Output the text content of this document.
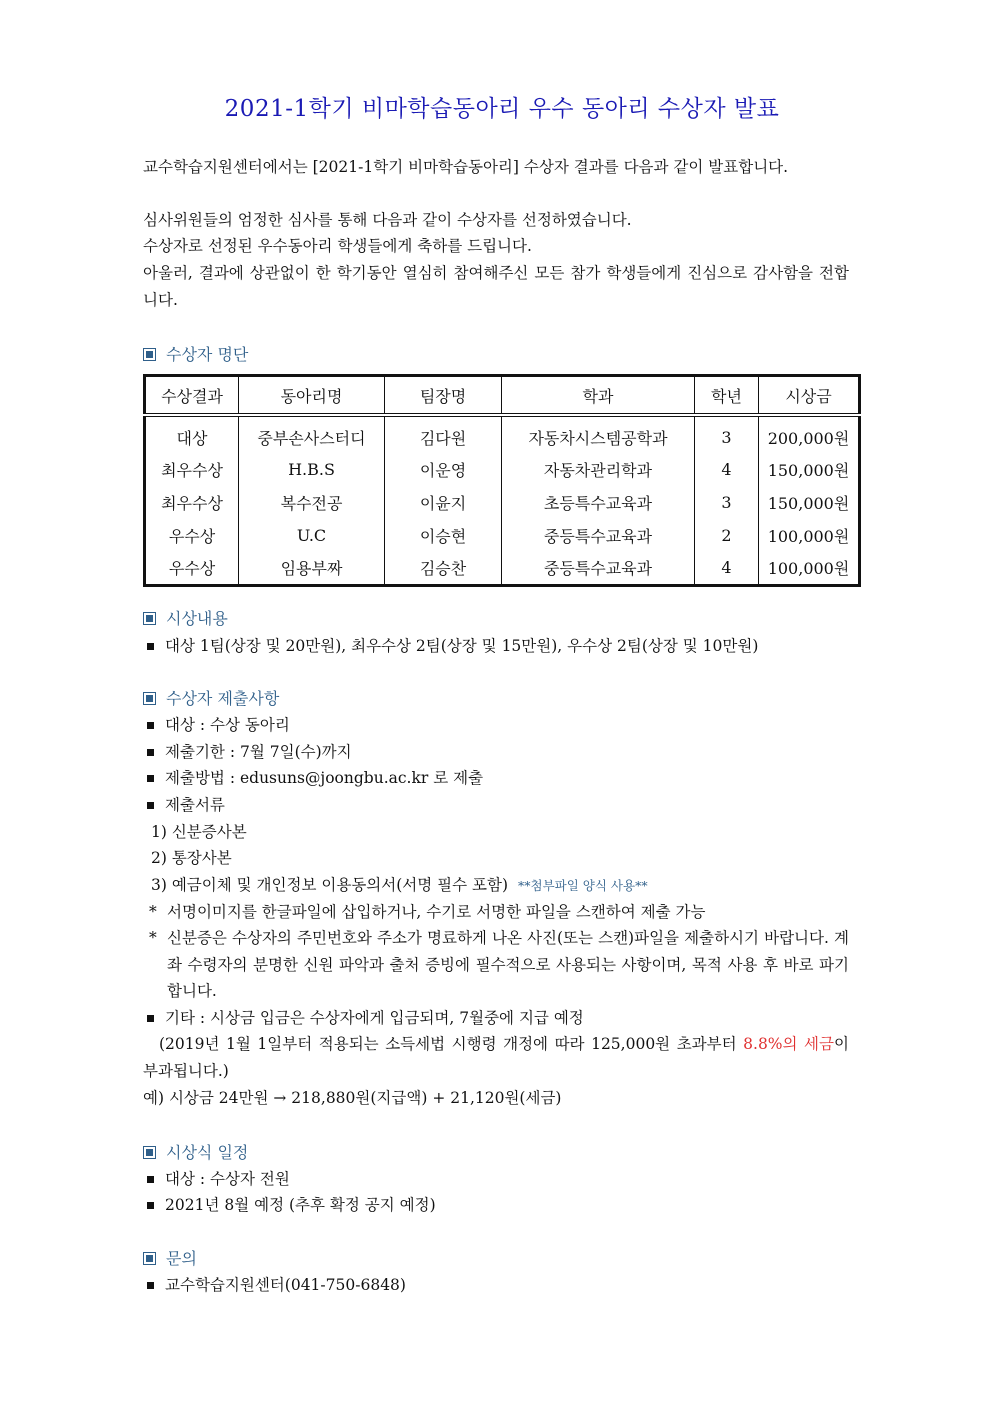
2021-1학기 비마학습동아리 우수 동아리 수상자 발표
교수학습지원센터에서는 [2021-1학기 비마학습동아리] 수상자 결과를 다음과 같이 발표합니다.
심사위원들의 엄정한 심사를 통해 다음과 같이 수상자를 선정하였습니다.
수상자로 선정된 우수동아리 학생들에게 축하를 드립니다.
아울러, 결과에 상관없이 한 학기동안 열심히 참여해주신 모든 참가 학생들에게 진심으로 감사함을 전합니다.
수상자 명단
수상결과	동아리명	팀장명	학과	학년	시상금
대상	중부손사스터디	김다원	자동차시스템공학과	3	200,000원
최우수상	H.B.S	이운영	자동차관리학과	4	150,000원
최우수상	복수전공	이윤지	초등특수교육과	3	150,000원
우수상	U.C	이승현	중등특수교육과	2	100,000원
우수상	임용부짜	김승찬	중등특수교육과	4	100,000원
시상내용
대상 1팀(상장 및 20만원), 최우수상 2팀(상장 및 15만원), 우수상 2팀(상장 및 10만원)
수상자 제출사항
대상 : 수상 동아리
제출기한 : 7월 7일(수)까지
제출방법 : edusuns@joongbu.ac.kr 로 제출
제출서류
1) 신분증사본
2) 통장사본
3) 예금이체 및 개인정보 이용동의서(서명 필수 포함) **첨부파일 양식 사용**
* 서명이미지를 한글파일에 삽입하거나, 수기로 서명한 파일을 스캔하여 제출 가능
* 신분증은 수상자의 주민번호와 주소가 명료하게 나온 사진(또는 스캔)파일을 제출하시기 바랍니다. 계좌 수령자의 분명한 신원 파악과 출처 증빙에 필수적으로 사용되는 사항이며, 목적 사용 후 바로 파기합니다.
기타 : 시상금 입금은 수상자에게 입금되며, 7월중에 지급 예정
(2019년 1월 1일부터 적용되는 소득세법 시행령 개정에 따라 125,000원 초과부터 8.8%의 세금이 부과됩니다.)
예) 시상금 24만원 → 218,880원(지급액) + 21,120원(세금)
시상식 일정
대상 : 수상자 전원
2021년 8월 예정 (추후 확정 공지 예정)
문의
교수학습지원센터(041-750-6848)
